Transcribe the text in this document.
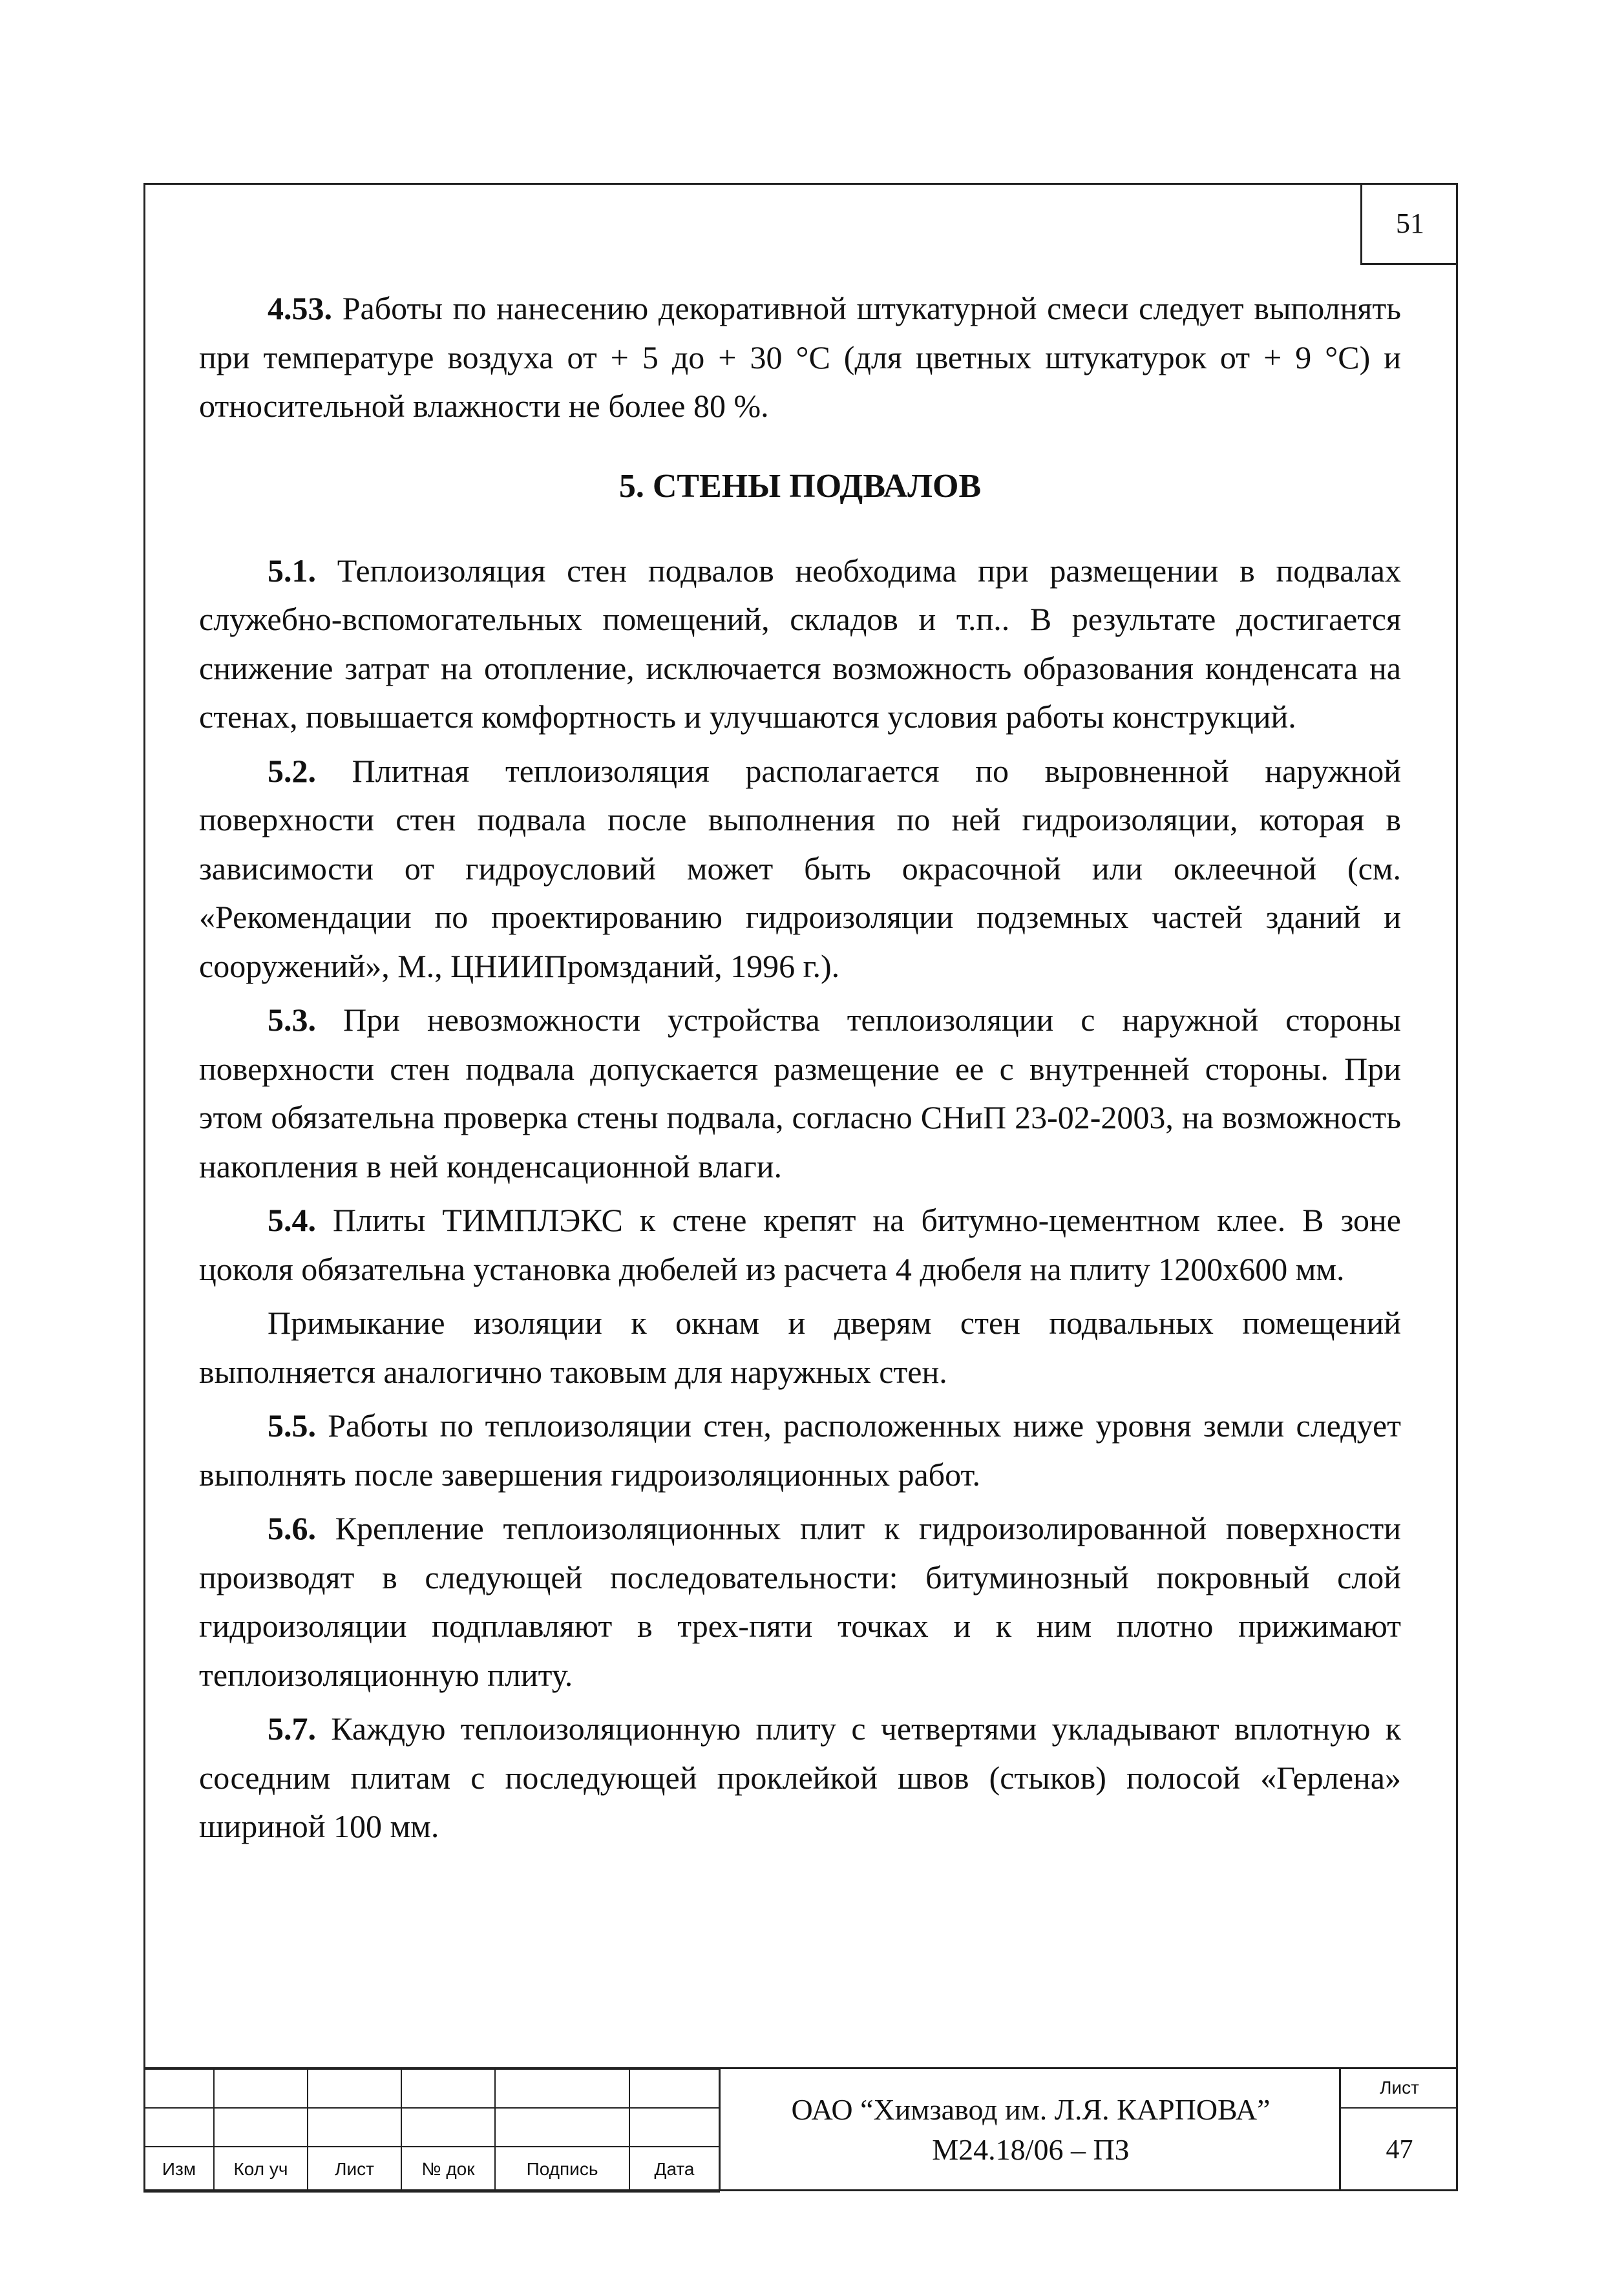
51

4.53. Работы по нанесению декоративной штукатурной смеси следует выполнять при температуре воздуха от + 5 до + 30 °С (для цветных штукатурок от + 9 °С) и относительной влажности не более 80 %.

5. СТЕНЫ ПОДВАЛОВ

5.1. Теплоизоляция стен подвалов необходима при размещении в подвалах служебно-вспомогательных помещений, складов и т.п.. В результате достигается снижение затрат на отопление, исключается возможность образования конденсата на стенах, повышается комфортность и улучшаются условия работы конструкций.

5.2. Плитная теплоизоляция располагается по выровненной наружной поверхности стен подвала после выполнения по ней гидроизоляции, которая в зависимости от гидроусловий может быть окрасочной или оклеечной (см. «Рекомендации по проектированию гидроизоляции подземных частей зданий и сооружений», М., ЦНИИПромзданий, 1996 г.).

5.3. При невозможности устройства теплоизоляции с наружной стороны поверхности стен подвала допускается размещение ее с внутренней стороны. При этом обязательна проверка стены подвала, согласно СНиП 23-02-2003, на возможность накопления в ней конденсационной влаги.

5.4. Плиты ТИМПЛЭКС к стене крепят на битумно-цементном клее. В зоне цоколя обязательна установка дюбелей из расчета 4 дюбеля на плиту 1200х600 мм.

Примыкание изоляции к окнам и дверям стен подвальных помещений выполняется аналогично таковым для наружных стен.

5.5. Работы по теплоизоляции стен, расположенных ниже уровня земли следует выполнять после завершения гидроизоляционных работ.

5.6. Крепление теплоизоляционных плит к гидроизолированной поверхности производят в следующей последовательности: битуминозный покровный слой гидроизоляции подплавляют в трех-пяти точках и к ним плотно прижимают теплоизоляционную плиту.

5.7. Каждую теплоизоляционную плиту с четвертями укладывают вплотную к соседним плитам с последующей проклейкой швов (стыков) полосой «Герлена» шириной 100 мм.

Изм	Кол уч	Лист	№ док	Подпись	Дата
ОАО “Химзавод им. Л.Я. КАРПОВА”
М24.18/06 – ПЗ
Лист
47
